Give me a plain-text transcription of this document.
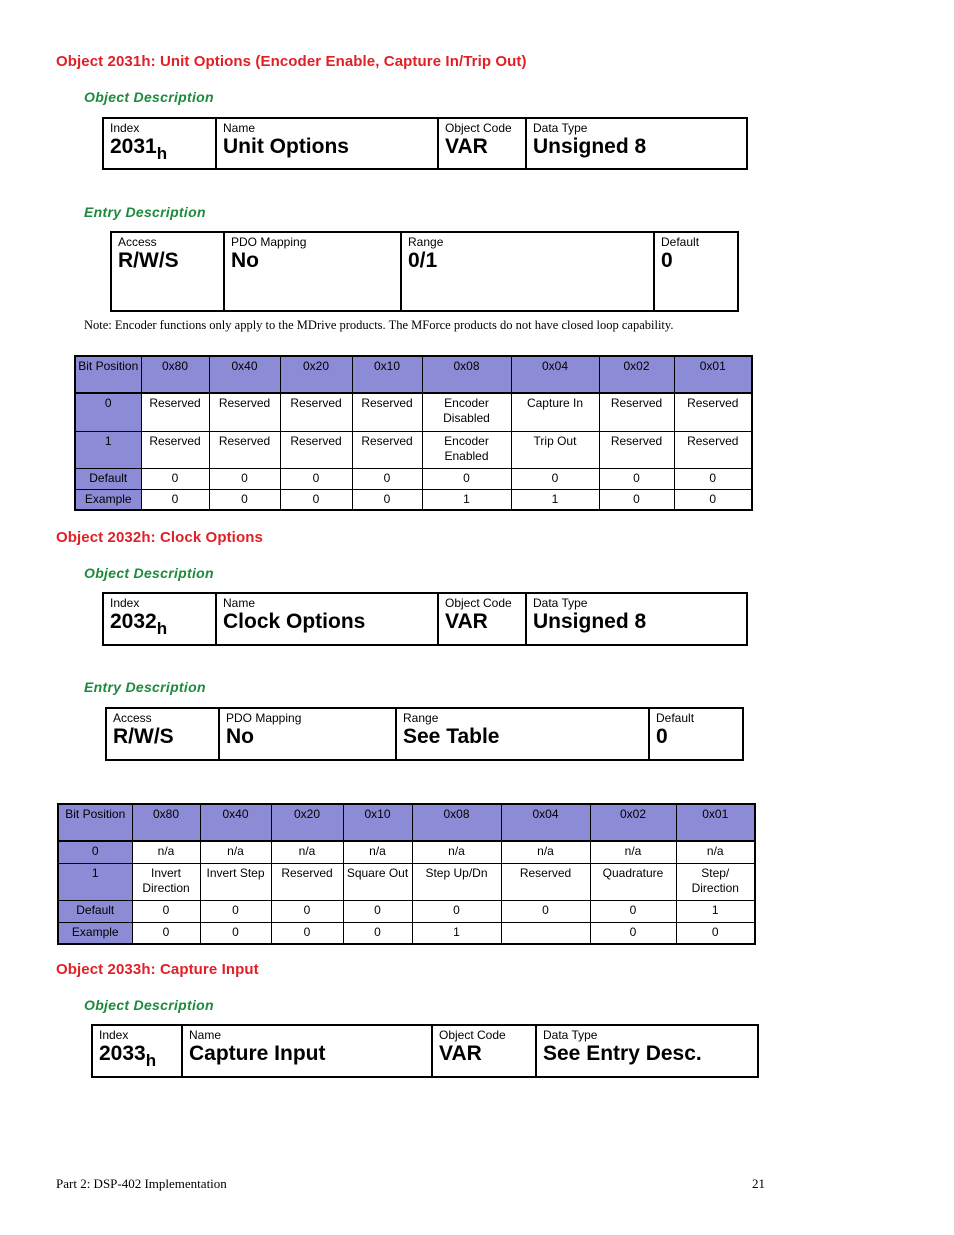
Object 2031h: Unit Options (Encoder Enable, Capture In/Trip Out)
Object Description
Index
$2031_h$
Name
Unit Options
Object Code
VAR
Data Type
Unsigned 8
Entry Description
Access
R/W/S
PDO Mapping
No
Range
0/1
Default
0
Note: Encoder functions only apply to the MDrive products. The MForce products do not have closed loop capability.
Bit Position	0x80	0x40	0x20	0x10	0x08	0x04	0x02	0x01
0	Reserved	Reserved	Reserved	Reserved	Encoder Disabled	Capture In	Reserved	Reserved
1	Reserved	Reserved	Reserved	Reserved	Encoder Enabled	Trip Out	Reserved	Reserved
Default	0	0	0	0	0	0	0	0
Example	0	0	0	0	1	1	0	0
Object 2032h: Clock Options
Object Description
Index
$2032_h$
Name
Clock Options
Object Code
VAR
Data Type
Unsigned 8
Entry Description
Access
R/W/S
PDO Mapping
No
Range
See Table
Default
0
Bit Position	0x80	0x40	0x20	0x10	0x08	0x04	0x02	0x01
0	n/a	n/a	n/a	n/a	n/a	n/a	n/a	n/a
1	Invert Direction	Invert Step	Reserved	Square Out	Step Up/Dn	Reserved	Quadrature	Step/ Direction
Default	0	0	0	0	0	0	0	1
Example	0	0	0	0	1		0	0
Object 2033h: Capture Input
Object Description
Index
$2033_h$
Name
Capture Input
Object Code
VAR
Data Type
See Entry Desc.
Part 2: DSP-402 Implementation	21
